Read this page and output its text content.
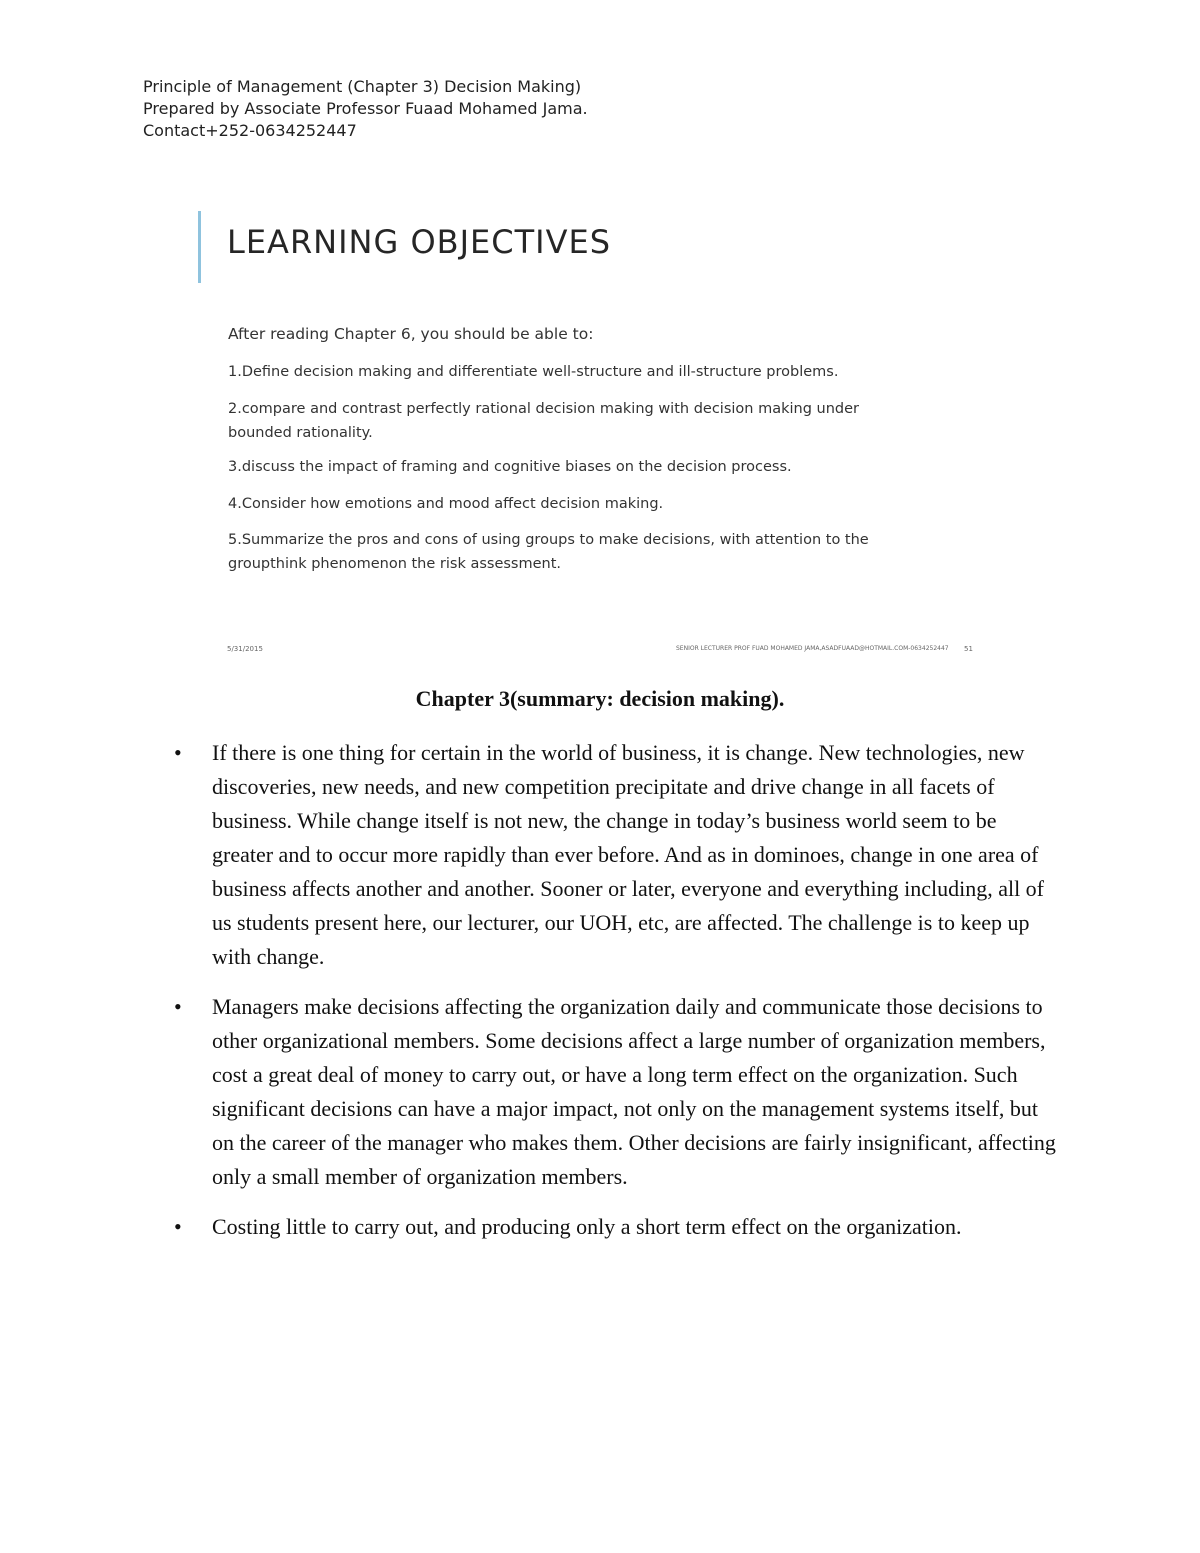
Principle of Management (Chapter 3) Decision Making)
Prepared by Associate Professor Fuaad Mohamed Jama.
Contact+252-0634252447
LEARNING OBJECTIVES
After reading Chapter 6, you should be able to:
1.Define decision making and differentiate well-structure and ill-structure problems.
2.compare and contrast perfectly rational decision making with decision making under bounded rationality.
3.discuss the impact of framing and cognitive biases on the decision process.
4.Consider how emotions and mood affect decision making.
5.Summarize the pros and cons of using groups to make decisions, with attention to the groupthink phenomenon the risk assessment.
5/31/2015	SENIOR LECTURER PROF FUAD MOHAMED JAMA,ASADFUAAD@HOTMAIL.COM-0634252447 51
Chapter 3(summary: decision making).
• If there is one thing for certain in the world of business, it is change. New technologies, new discoveries, new needs, and new competition precipitate and drive change in all facets of business. While change itself is not new, the change in today’s business world seem to be greater and to occur more rapidly than ever before. And as in dominoes, change in one area of business affects another and another. Sooner or later, everyone and everything including, all of us students present here, our lecturer, our UOH, etc, are affected. The challenge is to keep up with change.
• Managers make decisions affecting the organization daily and communicate those decisions to other organizational members. Some decisions affect a large number of organization members, cost a great deal of money to carry out, or have a long term effect on the organization. Such significant decisions can have a major impact, not only on the management systems itself, but on the career of the manager who makes them. Other decisions are fairly insignificant, affecting only a small member of organization members.
• Costing little to carry out, and producing only a short term effect on the organization.
